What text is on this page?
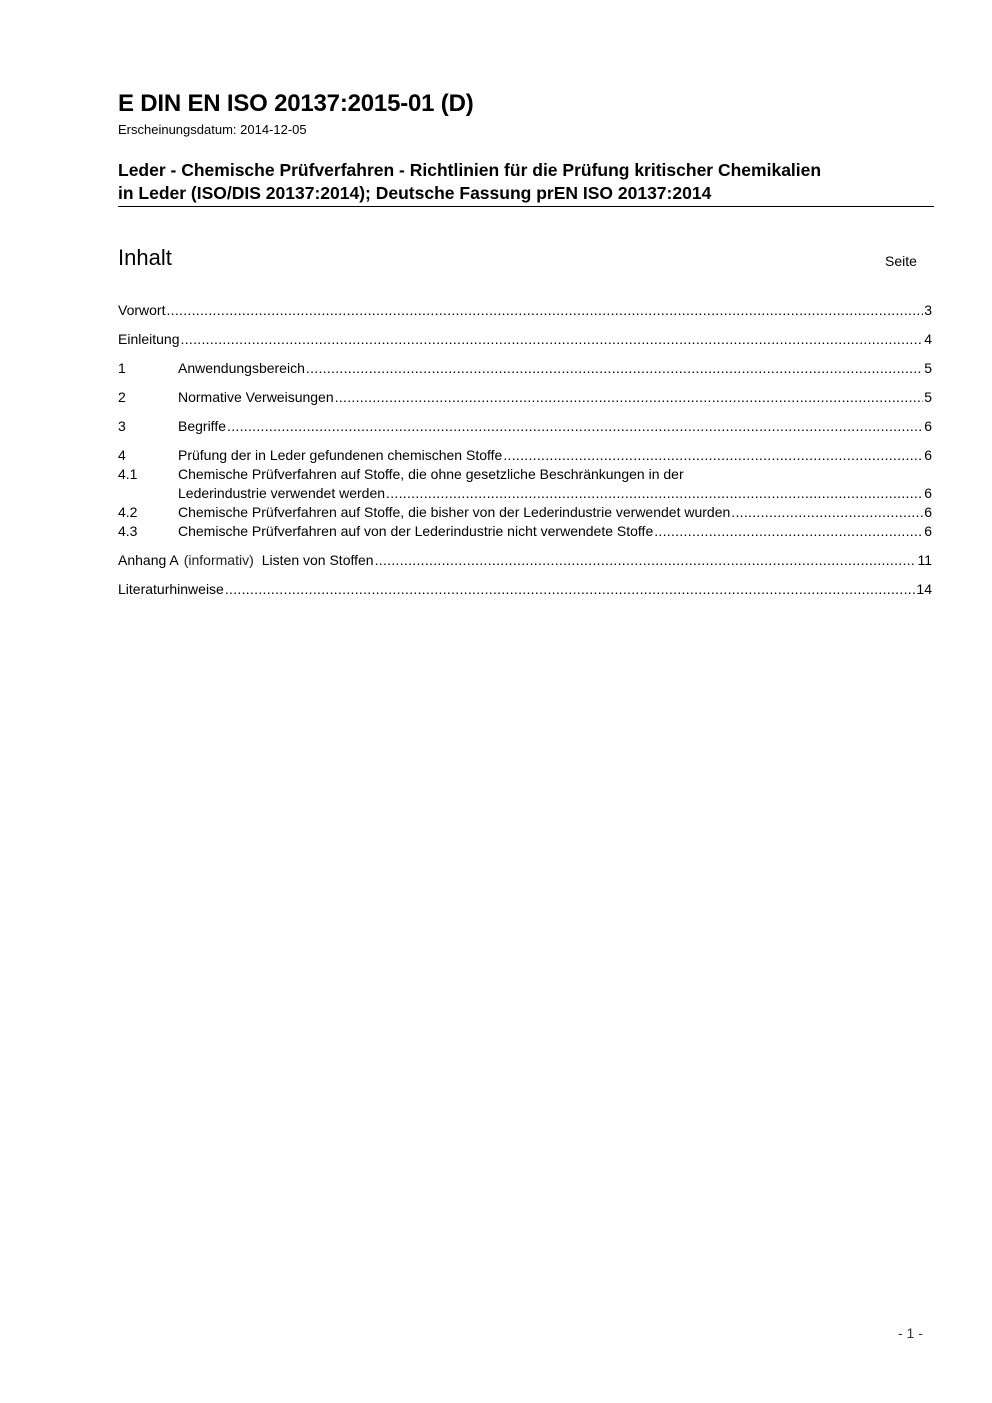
E DIN EN ISO 20137:2015-01 (D)
Erscheinungsdatum: 2014-12-05
Leder - Chemische Prüfverfahren - Richtlinien für die Prüfung kritischer Chemikalien
in Leder (ISO/DIS 20137:2014); Deutsche Fassung prEN ISO 20137:2014
Inhalt	Seite
Vorwort .....	3
Einleitung .....	4
1	Anwendungsbereich .....	5
2	Normative Verweisungen .....	5
3	Begriffe .....	6
4	Prüfung der in Leder gefundenen chemischen Stoffe .....	6
4.1	Chemische Prüfverfahren auf Stoffe, die ohne gesetzliche Beschränkungen in der
Lederindustrie verwendet werden .....	6
4.2	Chemische Prüfverfahren auf Stoffe, die bisher von der Lederindustrie verwendet wurden .....	6
4.3	Chemische Prüfverfahren auf von der Lederindustrie nicht verwendete Stoffe .....	6
Anhang A (informativ) Listen von Stoffen .....	11
Literaturhinweise .....	14
- 1 -
